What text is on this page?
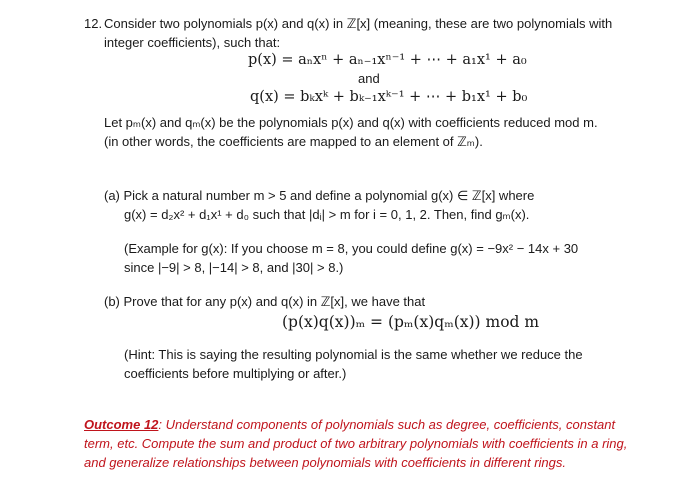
12. Consider two polynomials p(x) and q(x) in ℤ[x] (meaning, these are two polynomials with
integer coefficients), such that:
p(x) = aₙxⁿ + aₙ₋₁xⁿ⁻¹ + ⋯ + a₁x¹ + a₀
and
q(x) = bₖxᵏ + bₖ₋₁xᵏ⁻¹ + ⋯ + b₁x¹ + b₀
Let pₘ(x) and qₘ(x) be the polynomials p(x) and q(x) with coefficients reduced mod m.
(in other words, the coefficients are mapped to an element of ℤₘ).
(a) Pick a natural number m > 5 and define a polynomial g(x) ∈ ℤ[x] where
g(x) = d₂x² + d₁x¹ + d₀ such that |dᵢ| > m for i = 0, 1, 2. Then, find gₘ(x).
(Example for g(x): If you choose m = 8, you could define g(x) = −9x² − 14x + 30
since |−9| > 8, |−14| > 8, and |30| > 8.)
(b) Prove that for any p(x) and q(x) in ℤ[x], we have that
(p(x)q(x))ₘ = (pₘ(x)qₘ(x)) mod m
(Hint: This is saying the resulting polynomial is the same whether we reduce the
coefficients before multiplying or after.)
Outcome 12: Understand components of polynomials such as degree, coefficients, constant
term, etc. Compute the sum and product of two arbitrary polynomials with coefficients in a ring,
and generalize relationships between polynomials with coefficients in different rings.
